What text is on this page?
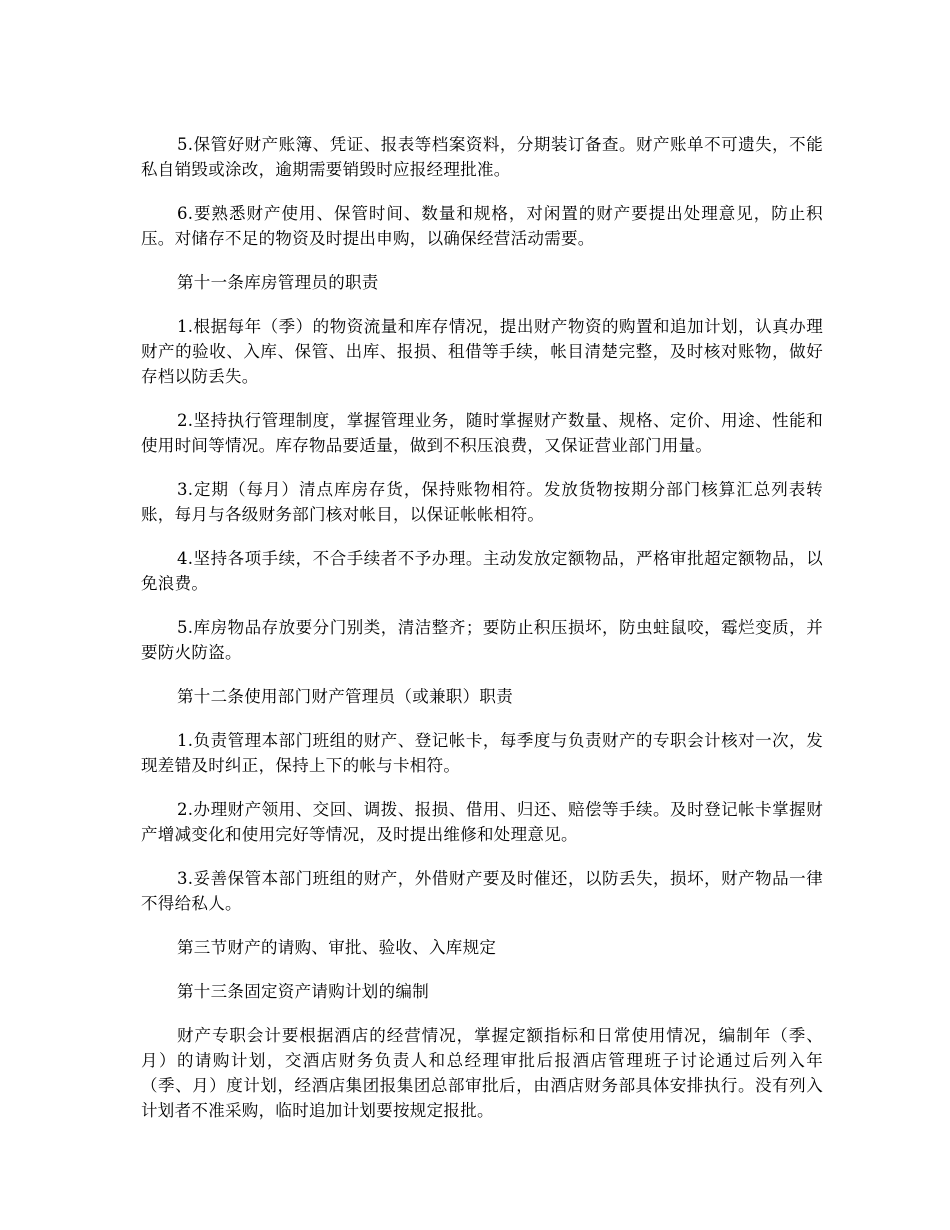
5.保管好财产账簿、凭证、报表等档案资料，分期装订备查。财产账单不可遗失，不能私自销毁或涂改，逾期需要销毁时应报经理批准。

6.要熟悉财产使用、保管时间、数量和规格，对闲置的财产要提出处理意见，防止积压。对储存不足的物资及时提出申购，以确保经营活动需要。

第十一条库房管理员的职责

1.根据每年（季）的物资流量和库存情况，提出财产物资的购置和追加计划，认真办理财产的验收、入库、保管、出库、报损、租借等手续，帐目清楚完整，及时核对账物，做好存档以防丢失。

2.坚持执行管理制度，掌握管理业务，随时掌握财产数量、规格、定价、用途、性能和使用时间等情况。库存物品要适量，做到不积压浪费，又保证营业部门用量。

3.定期（每月）清点库房存货，保持账物相符。发放货物按期分部门核算汇总列表转账，每月与各级财务部门核对帐目，以保证帐帐相符。

4.坚持各项手续，不合手续者不予办理。主动发放定额物品，严格审批超定额物品，以免浪费。

5.库房物品存放要分门别类，清洁整齐；要防止积压损坏，防虫蛀鼠咬，霉烂变质，并要防火防盗。

第十二条使用部门财产管理员（或兼职）职责

1.负责管理本部门班组的财产、登记帐卡，每季度与负责财产的专职会计核对一次，发现差错及时纠正，保持上下的帐与卡相符。

2.办理财产领用、交回、调拨、报损、借用、归还、赔偿等手续。及时登记帐卡掌握财产增减变化和使用完好等情况，及时提出维修和处理意见。

3.妥善保管本部门班组的财产，外借财产要及时催还，以防丢失，损坏，财产物品一律不得给私人。

第三节财产的请购、审批、验收、入库规定

第十三条固定资产请购计划的编制

财产专职会计要根据酒店的经营情况，掌握定额指标和日常使用情况，编制年（季、月）的请购计划，交酒店财务负责人和总经理审批后报酒店管理班子讨论通过后列入年（季、月）度计划，经酒店集团报集团总部审批后，由酒店财务部具体安排执行。没有列入计划者不准采购，临时追加计划要按规定报批。
